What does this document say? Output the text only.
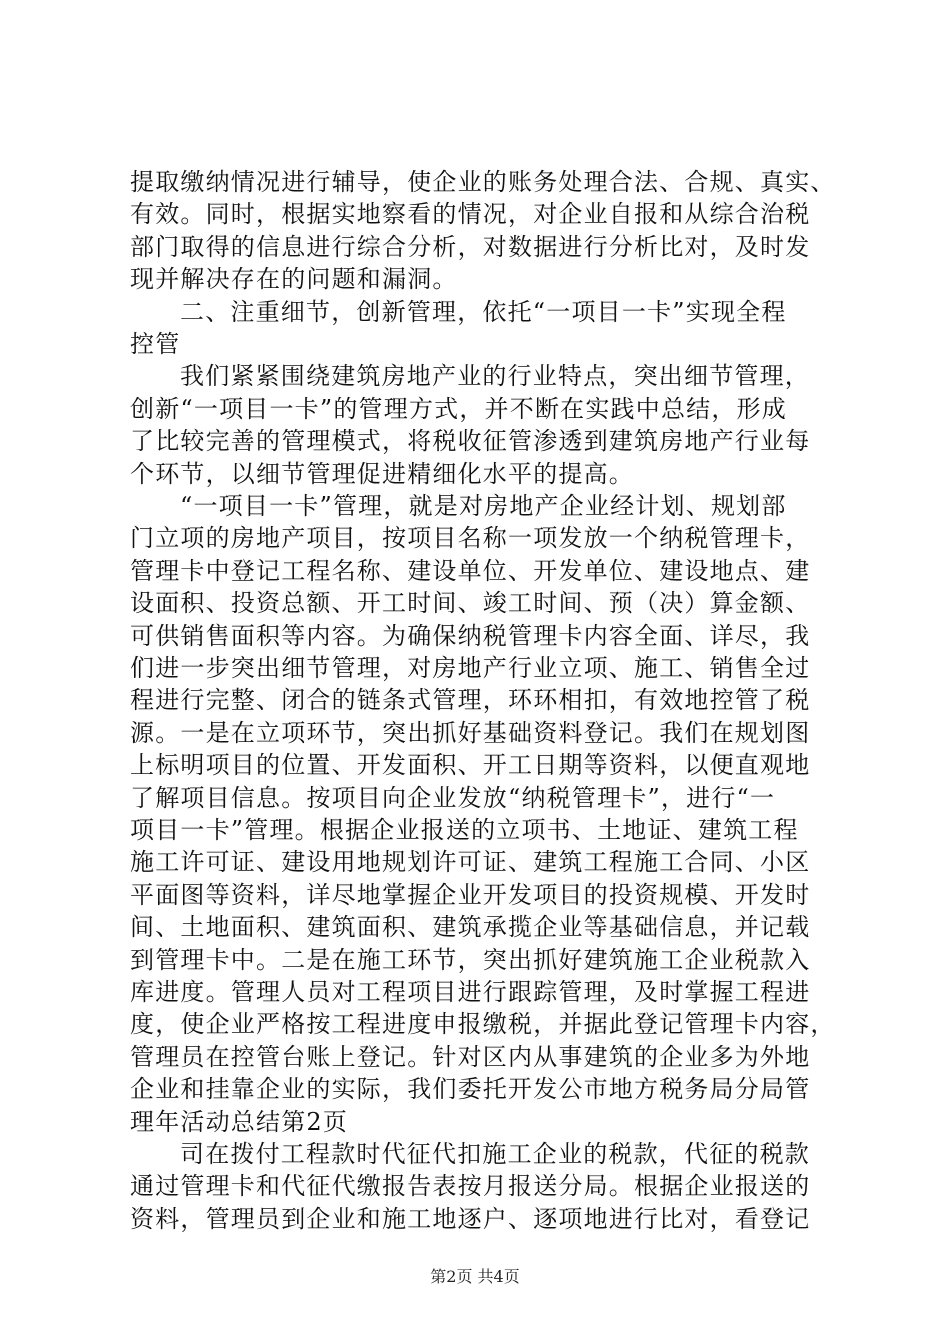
提取缴纳情况进行辅导，使企业的账务处理合法、合规、真实、
有效。同时，根据实地察看的情况，对企业自报和从综合治税
部门取得的信息进行综合分析，对数据进行分析比对，及时发
现并解决存在的问题和漏洞。
二、注重细节，创新管理，依托“一项目一卡”实现全程
控管
我们紧紧围绕建筑房地产业的行业特点，突出细节管理，
创新“一项目一卡”的管理方式，并不断在实践中总结，形成
了比较完善的管理模式，将税收征管渗透到建筑房地产行业每
个环节，以细节管理促进精细化水平的提高。
“一项目一卡”管理，就是对房地产企业经计划、规划部
门立项的房地产项目，按项目名称一项发放一个纳税管理卡，
管理卡中登记工程名称、建设单位、开发单位、建设地点、建
设面积、投资总额、开工时间、竣工时间、预（决）算金额、
可供销售面积等内容。为确保纳税管理卡内容全面、详尽，我
们进一步突出细节管理，对房地产行业立项、施工、销售全过
程进行完整、闭合的链条式管理，环环相扣，有效地控管了税
源。一是在立项环节，突出抓好基础资料登记。我们在规划图
上标明项目的位置、开发面积、开工日期等资料，以便直观地
了解项目信息。按项目向企业发放“纳税管理卡”，进行“一
项目一卡”管理。根据企业报送的立项书、土地证、建筑工程
施工许可证、建设用地规划许可证、建筑工程施工合同、小区
平面图等资料，详尽地掌握企业开发项目的投资规模、开发时
间、土地面积、建筑面积、建筑承揽企业等基础信息，并记载
到管理卡中。二是在施工环节，突出抓好建筑施工企业税款入
库进度。管理人员对工程项目进行跟踪管理，及时掌握工程进
度，使企业严格按工程进度申报缴税，并据此登记管理卡内容，
管理员在控管台账上登记。针对区内从事建筑的企业多为外地
企业和挂靠企业的实际，我们委托开发公市地方税务局分局管
理年活动总结第2页
司在拨付工程款时代征代扣施工企业的税款，代征的税款
通过管理卡和代征代缴报告表按月报送分局。根据企业报送的
资料，管理员到企业和施工地逐户、逐项地进行比对，看登记
第2页 共4页
